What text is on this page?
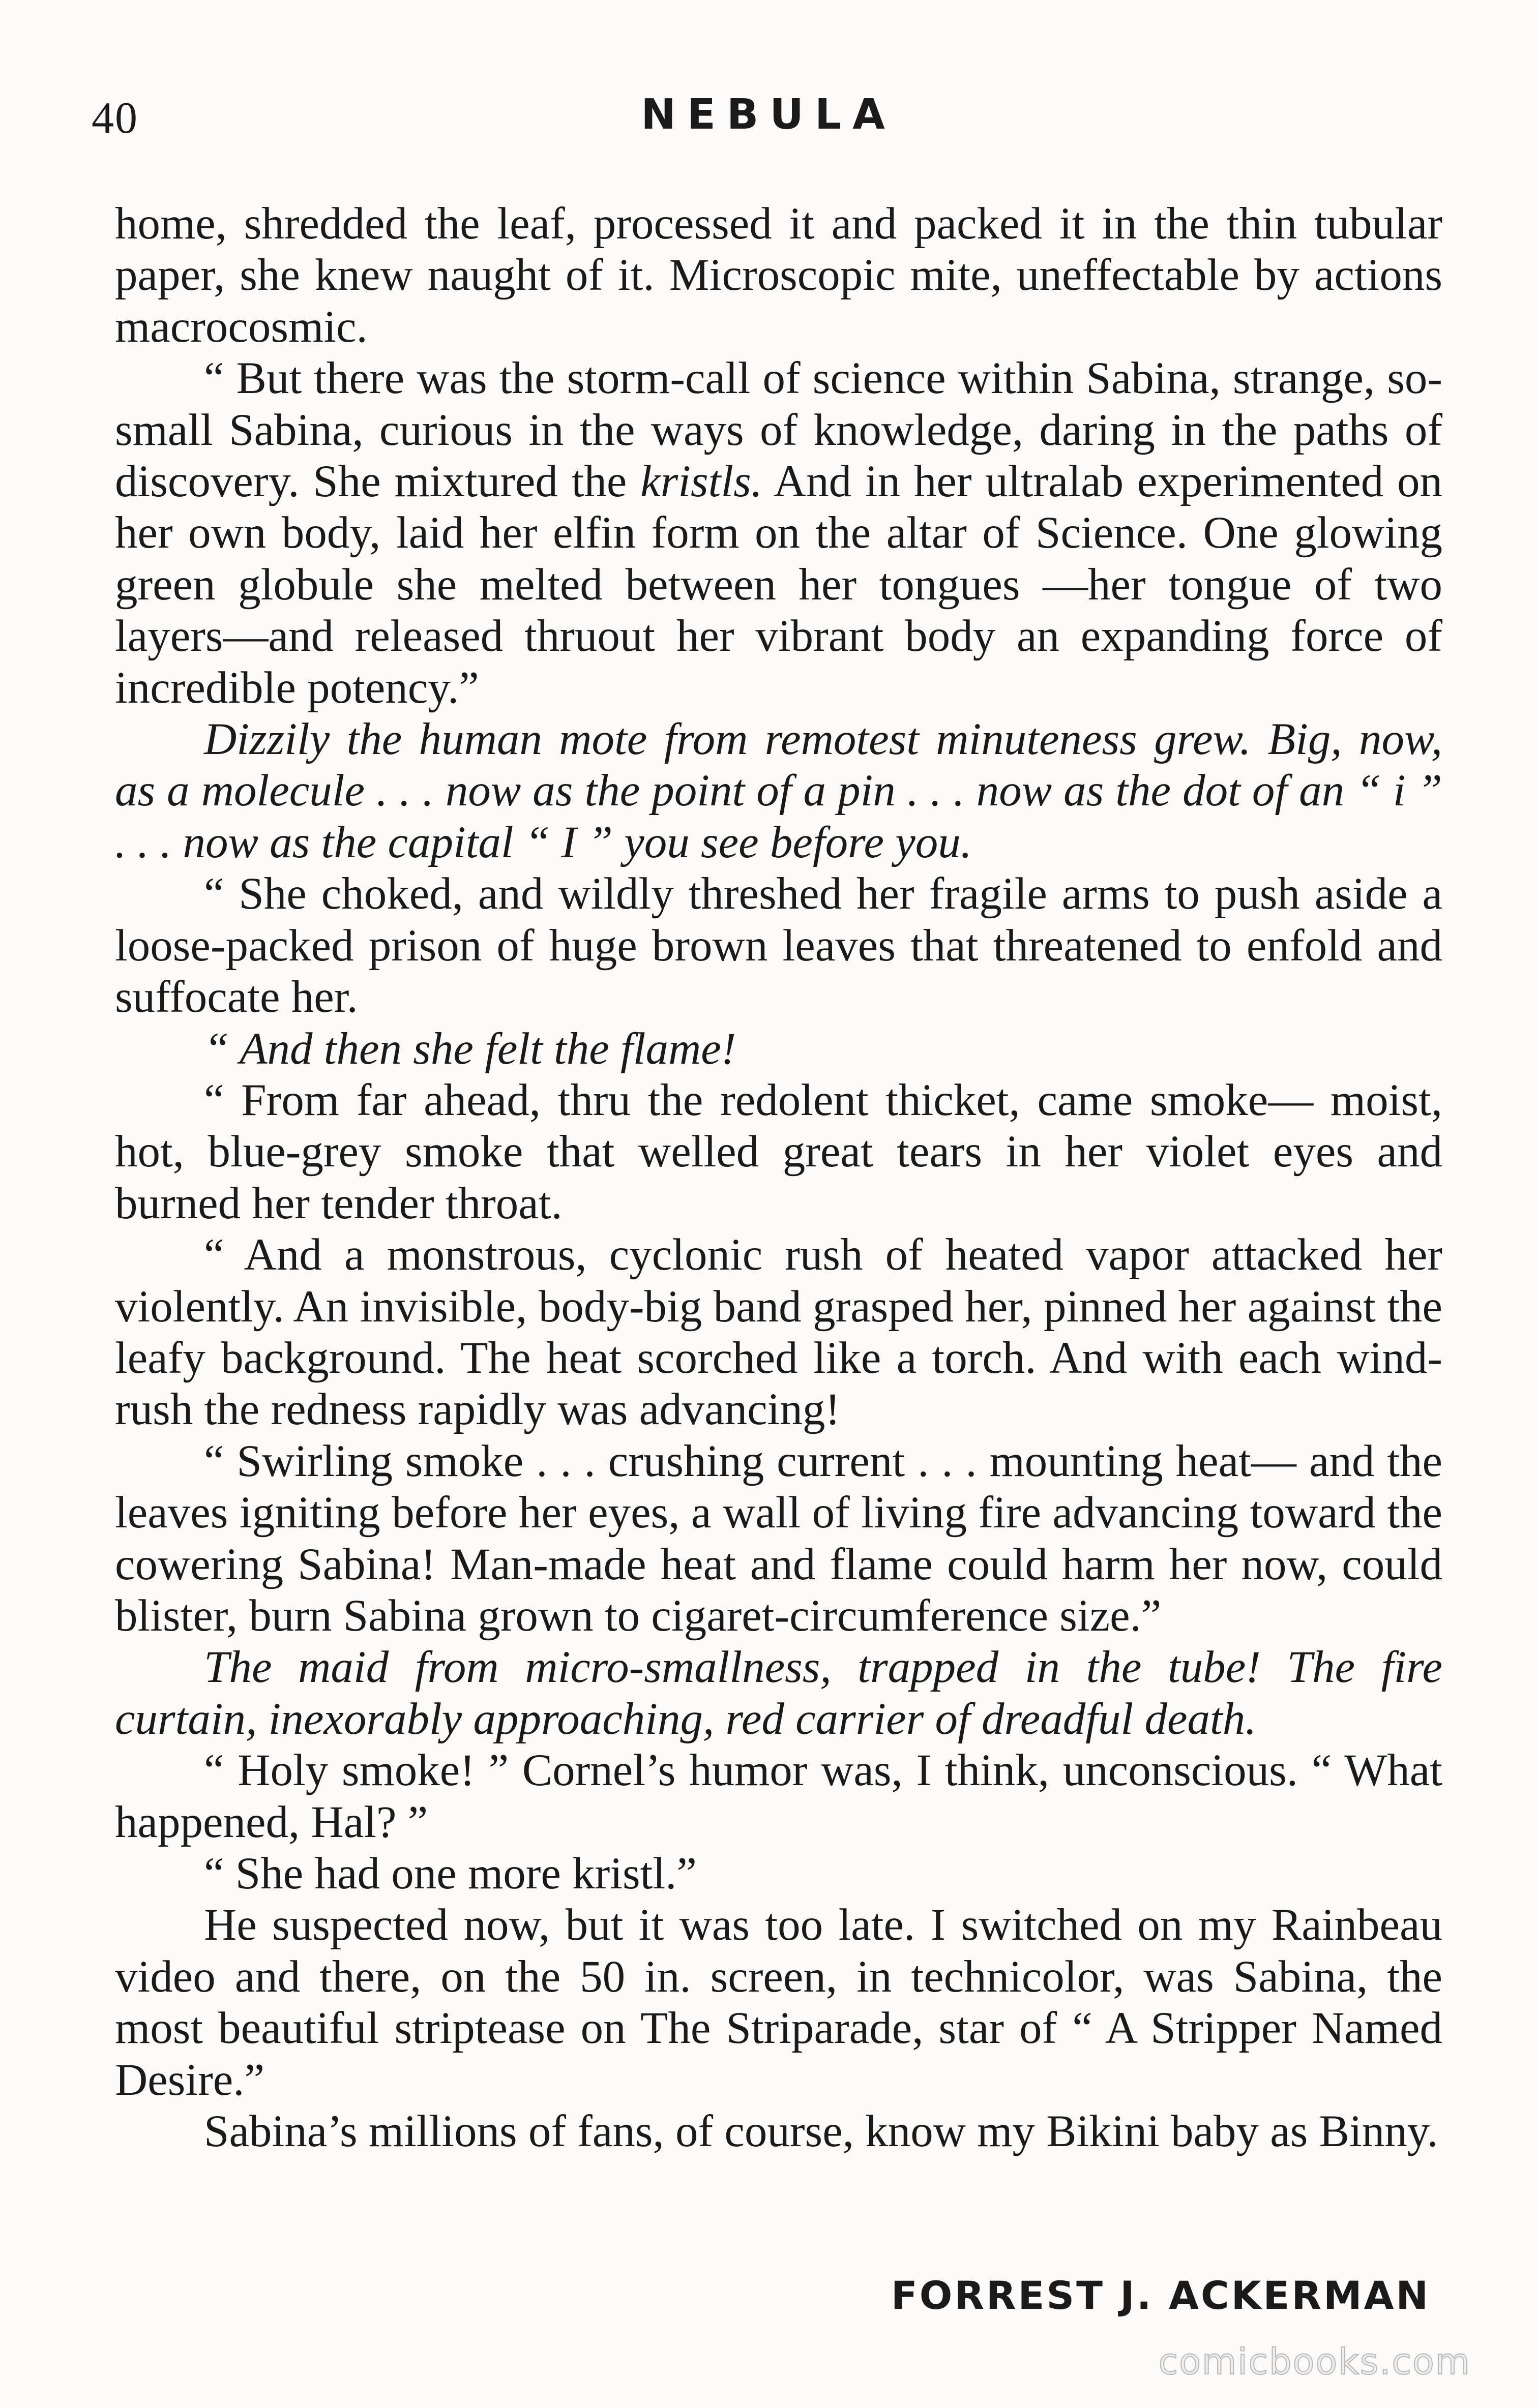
40	NEBULA

home, shredded the leaf, processed it and packed it in the thin tubular paper, she knew naught of it. Microscopic mite, uneffectable by actions macrocosmic.

“ But there was the storm-call of science within Sabina, strange, so-small Sabina, curious in the ways of knowledge, daring in the paths of discovery. She mixtured the kristls. And in her ultralab experimented on her own body, laid her elfin form on the altar of Science. One glowing green globule she melted between her tongues —her tongue of two layers—and released thruout her vibrant body an expanding force of incredible potency.”

Dizzily the human mote from remotest minuteness grew. Big, now, as a molecule . . . now as the point of a pin . . . now as the dot of an “ i ” . . . now as the capital “ I ” you see before you.

“ She choked, and wildly threshed her fragile arms to push aside a loose-packed prison of huge brown leaves that threatened to enfold and suffocate her.

“ And then she felt the flame!

“ From far ahead, thru the redolent thicket, came smoke— moist, hot, blue-grey smoke that welled great tears in her violet eyes and burned her tender throat.

“ And a monstrous, cyclonic rush of heated vapor attacked her violently. An invisible, body-big band grasped her, pinned her against the leafy background. The heat scorched like a torch. And with each wind-rush the redness rapidly was advancing!

“ Swirling smoke . . . crushing current . . . mounting heat— and the leaves igniting before her eyes, a wall of living fire advancing toward the cowering Sabina! Man-made heat and flame could harm her now, could blister, burn Sabina grown to cigaret-circumference size.”

The maid from micro-smallness, trapped in the tube! The fire curtain, inexorably approaching, red carrier of dreadful death.

“ Holy smoke! ” Cornel’s humor was, I think, unconscious. “ What happened, Hal? ”

“ She had one more kristl.”

He suspected now, but it was too late. I switched on my Rainbeau video and there, on the 50 in. screen, in technicolor, was Sabina, the most beautiful striptease on The Striparade, star of “ A Stripper Named Desire.”

Sabina’s millions of fans, of course, know my Bikini baby as Binny.

FORREST J. ACKERMAN
comicbooks.com
